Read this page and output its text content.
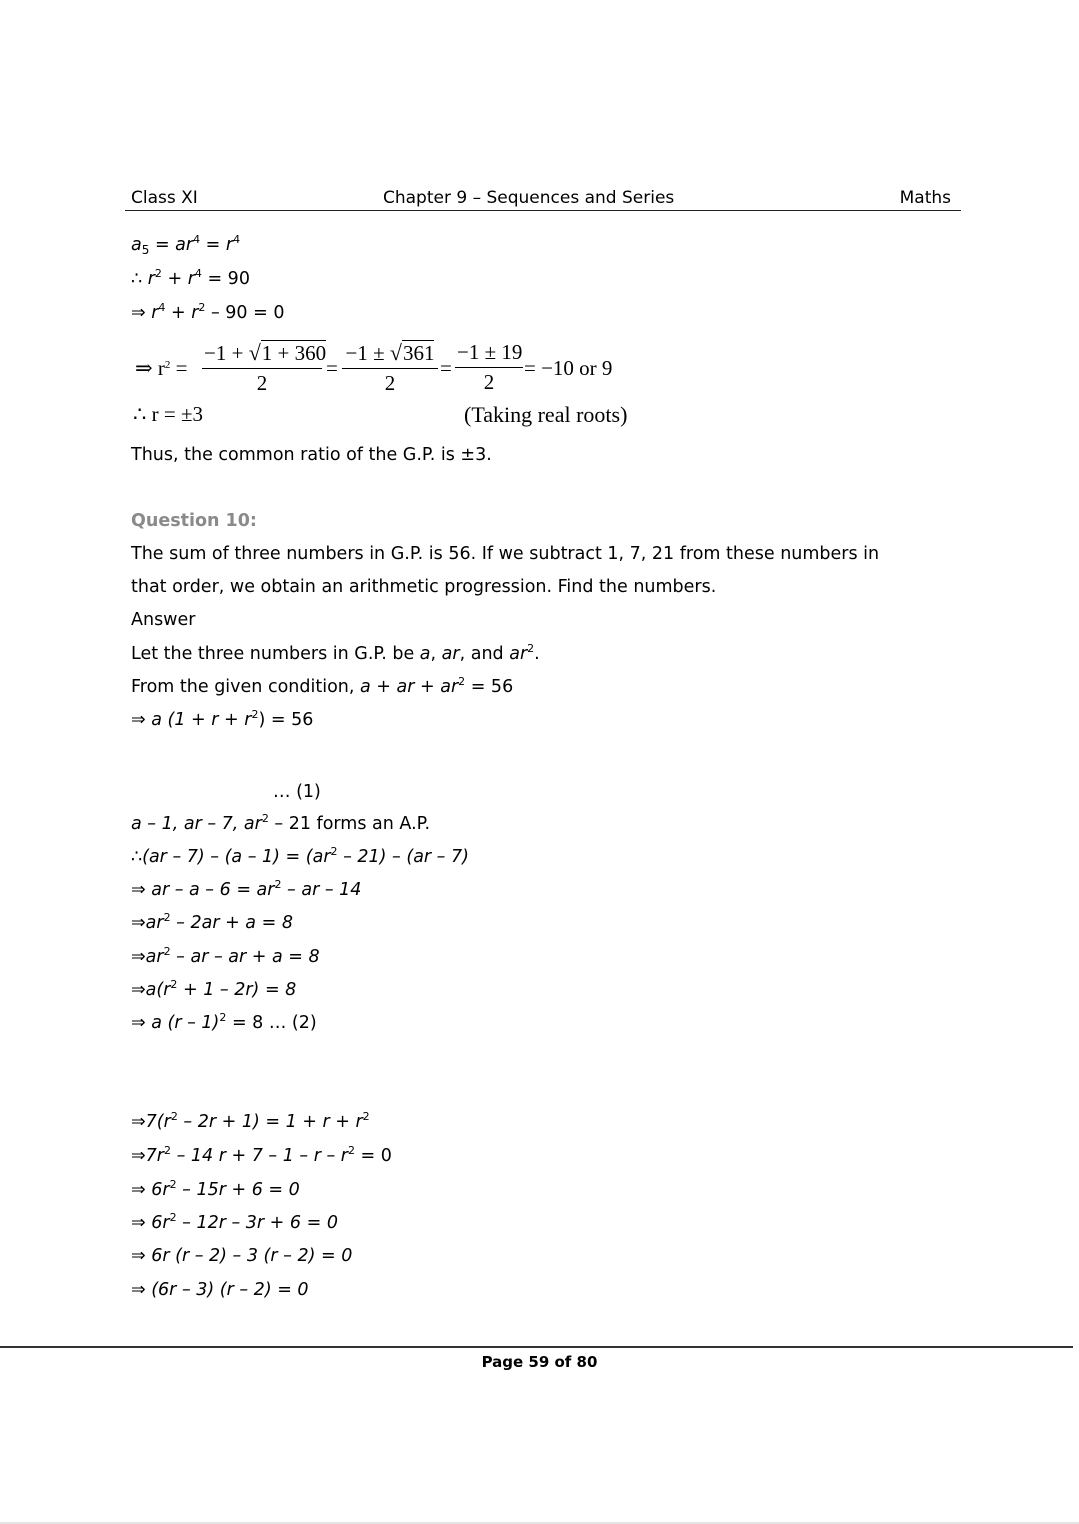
Class XI	Chapter 9 – Sequences and Series	Maths
$a_5 = ar^4 = r^4$
∴ $r^2 + r^4 = 90$
⇒ $r^4 + r^2 - 90 = 0$
⇒ $r^2$ =
−1 + √1 + 360
2
=
−1 ± √361
2
=
−1 ± 19
2
= −10 or 9
∴ r = ±3	(Taking real roots)
Thus, the common ratio of the G.P. is ±3.
Question 10:
The sum of three numbers in G.P. is 56. If we subtract 1, 7, 21 from these numbers in
that order, we obtain an arithmetic progression. Find the numbers.
Answer
Let the three numbers in G.P. be a, ar, and $ar^2$.
From the given condition, a + ar + $ar^2 = 56$
⇒ a $(1 + r + r^2) = 56$
… (1)
a – 1, ar – 7, $ar^2 - 21$ forms an A.P.
∴(ar – $7) - (a - 1) = (ar^2 - 21) - (ar - 7)$
⇒ ar – $a - 6 = ar^2$ – ar – 14
$\Rightarrow ar^2 - 2ar + a = 8$
$\Rightarrow ar^2$ – ar – ar + a = 8
$\Rightarrow a(r^2 + 1 - 2r) = 8$
⇒ a (r – 1)$^2$ = 8 … (2)
$\Rightarrow 7(r^2 - 2r + 1) = 1 + r + r^2$
$\Rightarrow 7r^2 - 14$ $r + 7 - 1 - r - r^2 = 0$
⇒ $6r^2 - 15r + 6 = 0$
⇒ $6r^2 - 12r - 3r + 6 = 0$
⇒ 6r (r – 2) – 3 (r – 2) = 0
⇒ (6r – 3) (r – 2) = 0
Page 59 of 80
